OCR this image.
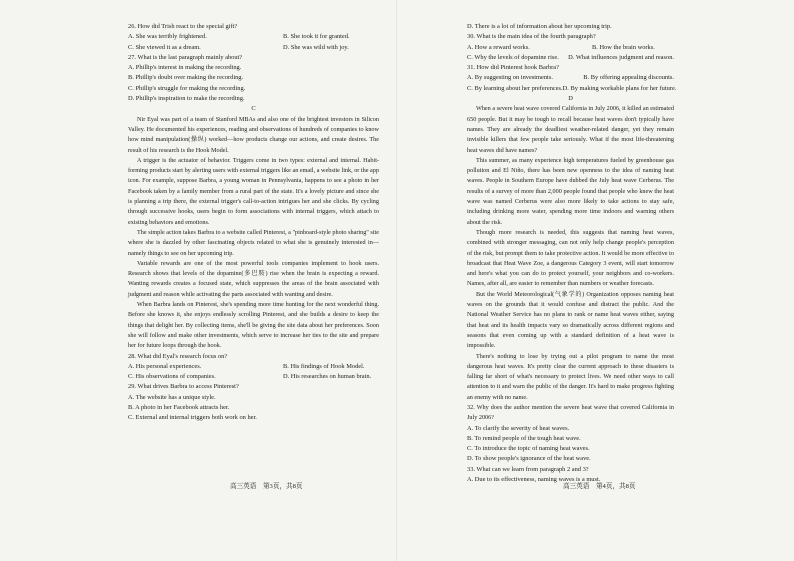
26. How did Trish react to the special gift?
A. She was terribly frightened.	B. She took it for granted.
C. She viewed it as a dream.	D. She was wild with joy.
27. What is the last paragraph mainly about?
A. Phillip's interest in making the recording.
B. Phillip's doubt over making the recording.
C. Phillip's struggle for making the recording.
D. Phillip's inspiration to make the recording.
C
Nir Eyal was part of a team of Stanford MBAs and also one of the brightest investors in Silicon Valley. He documented his experiences, reading and observations of hundreds of companies to know how mind manipulation(操纵) worked—how products change our actions, and create desires. The result of his research is the Hook Model.
A trigger is the actuator of behavior. Triggers come in two types: external and internal. Habit-forming products start by alerting users with external triggers like an email, a website link, or the app icon. For example, suppose Barbra, a young woman in Pennsylvania, happens to see a photo in her Facebook taken by a family member from a rural part of the state. It's a lovely picture and since she is planning a trip there, the external trigger's call-to-action intrigues her and she clicks. By cycling through successive hooks, users begin to form associations with internal triggers, which attach to existing behaviors and emotions.
The simple action takes Barbra to a website called Pinterest, a "pinboard-style photo sharing" site where she is dazzled by other fascinating objects related to what she is genuinely interested in—namely things to see on her upcoming trip.
Variable rewards are one of the most powerful tools companies implement to hook users. Research shows that levels of the dopamine(多巴胺) rise when the brain is expecting a reward. Wanting rewards creates a focused state, which suppresses the areas of the brain associated with judgment and reason while activating the parts associated with wanting and desire.
When Barbra lands on Pinterest, she's spending more time hunting for the next wonderful thing. Before she knows it, she enjoys endlessly scrolling Pinterest, and she builds a desire to keep the things that delight her. By collecting items, she'll be giving the site data about her preferences. Soon she will follow and make other investments, which serve to increase her ties to the site and prepare her for future loops through the hook.
28. What did Eyal's research focus on?
A. His personal experiences.	B. His findings of Hook Model.
C. His observations of companies.	D. His researches on human brain.
29. What drives Barbra to access Pinterest?
A. The website has a unique style.
B. A photo in her Facebook attracts her.
C. External and internal triggers both work on her.
高三英语　第3页，共8页
D. There is a lot of information about her upcoming trip.
30. What is the main idea of the fourth paragraph?
A. How a reward works.	B. How the brain works.
C. Why the levels of dopamine rise.	D. What influences judgment and reason.
31. How did Pinterest hook Barbra?
A. By suggesting on investments.	B. By offering appealing discounts.
C. By learning about her preferences. D. By making workable plans for her future.
D
When a severe heat wave covered California in July 2006, it killed an estimated 650 people. But it may be tough to recall because heat waves don't typically have names. They are already the deadliest weather-related danger, yet they remain invisible killers that few people take seriously. What if the most life-threatening heat waves did have names?
This summer, as many experience high temperatures fueled by greenhouse gas pollution and El Niño, there has been new openness to the idea of naming heat waves. People in Southern Europe have dubbed the July heat wave Cerberus. The results of a survey of more than 2,000 people found that people who knew the heat wave was named Cerberus were also more likely to take actions to stay safe, including drinking more water, spending more time indoors and warning others about the risk.
Though more research is needed, this suggests that naming heat waves, combined with stronger messaging, can not only help change people's perception of the risk, but prompt them to take protective action. It would be more effective to broadcast that Heat Wave Zoe, a dangerous Category 3 event, will start tomorrow and here's what you can do to protect yourself, your neighbors and co-workers. Names, after all, are easier to remember than numbers or weather forecasts.
But the World Meteorological(气象学的) Organization opposes naming heat waves on the grounds that it would confuse and distract the public. And the National Weather Service has no plans to rank or name heat waves either, saying that heat and its health impacts vary so dramatically across different regions and seasons that even coming up with a standard definition of a heat wave is impossible.
There's nothing to lose by trying out a pilot program to name the most dangerous heat waves. It's pretty clear the current approach to these disasters is falling far short of what's necessary to protect lives. We need other ways to call attention to it and warn the public of the danger. It's hard to make progress fighting an enemy with no name.
32. Why does the author mention the severe heat wave that covered California in July 2006?
A. To clarify the severity of heat waves.
B. To remind people of the tough heat wave.
C. To introduce the topic of naming heat waves.
D. To show people's ignorance of the heat wave.
33. What can we learn from paragraph 2 and 3?
A. Due to its effectiveness, naming waves is a must.
高三英语　第4页，共8页
